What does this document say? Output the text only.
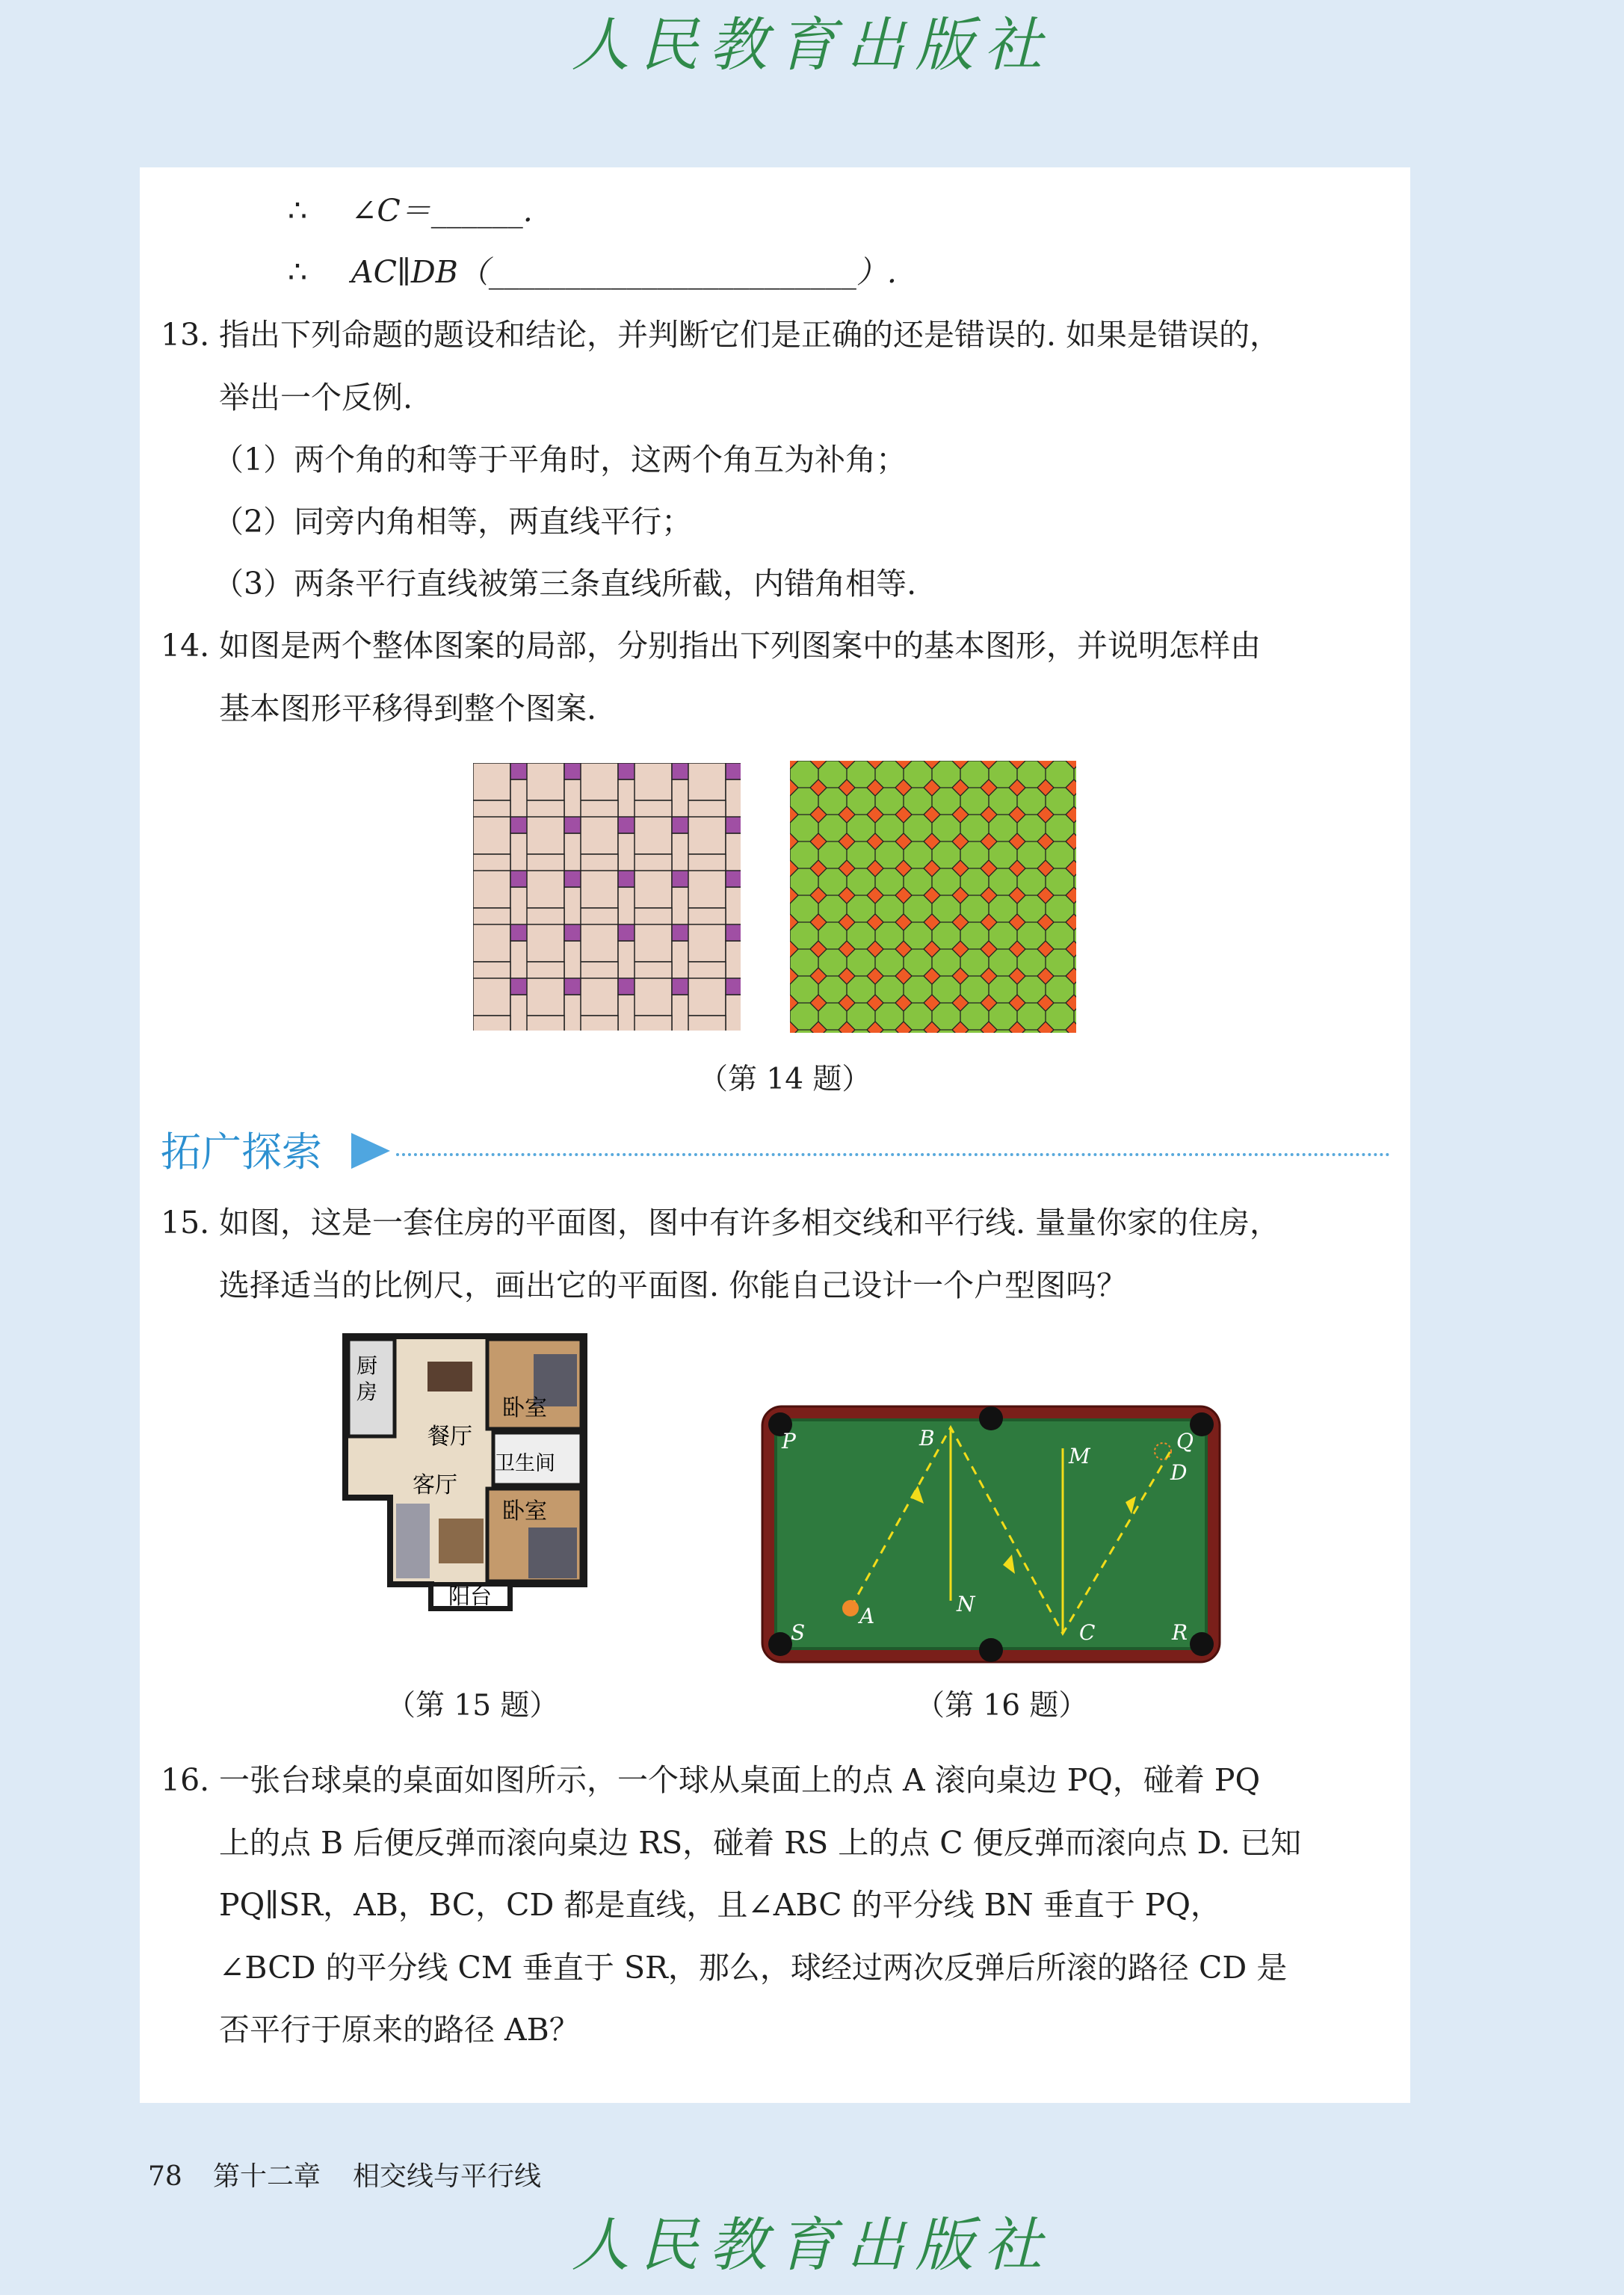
人民教育出版社
∴ ∠C＝______.
∴ AC∥DB（________________________）.
13. 指出下列命题的题设和结论，并判断它们是正确的还是错误的. 如果是错误的，
举出一个反例.
（1）两个角的和等于平角时，这两个角互为补角；
（2）同旁内角相等，两直线平行；
（3）两条平行直线被第三条直线所截，内错角相等.
14. 如图是两个整体图案的局部，分别指出下列图案中的基本图形，并说明怎样由
基本图形平移得到整个图案.
（第 14 题）
拓广探索
15. 如图，这是一套住房的平面图，图中有许多相交线和平行线. 量量你家的住房，
选择适当的比例尺，画出它的平面图. 你能自己设计一个户型图吗？
厨
房
餐厅
卧室
卫生间
客厅
卧室
阳台
（第 15 题）
P	B
M
Q
D
A	N
S	C	R
（第 16 题）
16. 一张台球桌的桌面如图所示，一个球从桌面上的点 A 滚向桌边 PQ，碰着 PQ
上的点 B 后便反弹而滚向桌边 RS，碰着 RS 上的点 C 便反弹而滚向点 D. 已知
PQ∥SR，AB，BC，CD 都是直线，且∠ABC 的平分线 BN 垂直于 PQ，
∠BCD 的平分线 CM 垂直于 SR，那么，球经过两次反弹后所滚的路径 CD 是
否平行于原来的路径 AB？
78 第十二章 相交线与平行线
人民教育出版社
